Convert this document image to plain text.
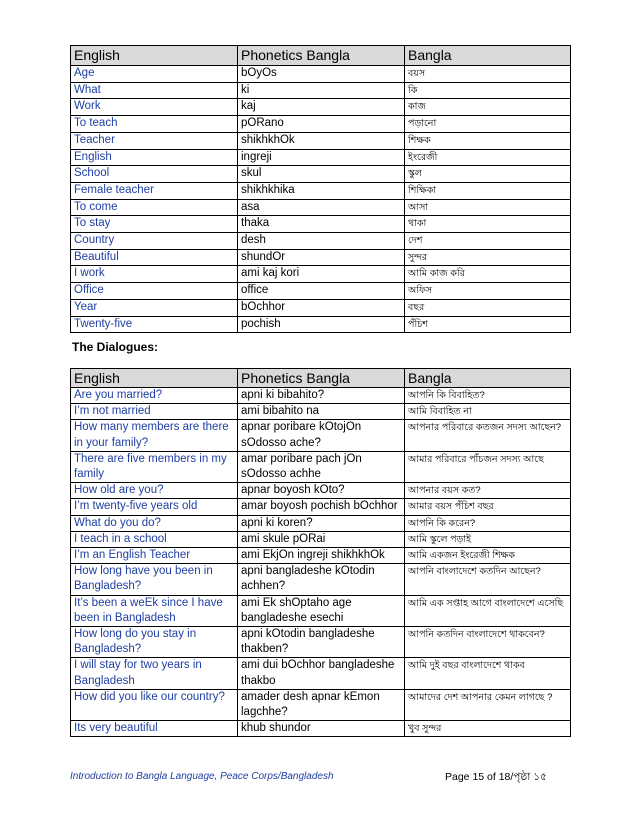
English	Phonetics Bangla	Bangla
Age	bOyOs	বয়স
What	ki	কি
Work	kaj	কাজ
To teach	pORano	পড়ানো
Teacher	shikhkhOk	শিক্ষক
English	ingreji	ইংরেজী
School	skul	স্কুল
Female teacher	shikhkhika	শিক্ষিকা
To come	asa	আসা
To stay	thaka	থাকা
Country	desh	দেশ
Beautiful	shundOr	সুন্দর
I work	ami kaj kori	আমি কাজ করি
Office	office	অফিস
Year	bOchhor	বছর
Twenty-five	pochish	পঁচিশ
The Dialogues:
English	Phonetics Bangla	Bangla
Are you married?	apni ki bibahito?	আপনি কি বিবাহিত?
I’m not married	ami bibahito na	আমি বিবাহিত না
How many members are there in your family?	apnar poribare kOtojOn sOdosso ache?	আপনার পরিবারে কতজন সদস্য আছেন?
There are five members in my family	amar poribare pach jOn sOdosso achhe	আমার পরিবারে পাঁচজন সদস্য আছে
How old are you?	apnar boyosh kOto?	আপনার বয়স কত?
I’m twenty-five years old	amar boyosh pochish bOchhor	আমার বয়স পঁচিশ বছর
What do you do?	apni ki koren?	আপনি কি করেন?
I teach in a school	ami skule pORai	আমি স্কুলে পড়াই
I’m an English Teacher	ami EkjOn ingreji shikhkhOk	আমি একজন ইংরেজী শিক্ষক
How long have you been in Bangladesh?	apni bangladeshe kOtodin achhen?	আপনি বাংলাদেশে কতদিন আছেন?
It’s been a weEk since I have been in Bangladesh	ami Ek shOptaho age bangladeshe esechi	আমি এক সপ্তাহ আগে বাংলাদেশে এসেছি
How long do you stay in Bangladesh?	apni kOtodin bangladeshe thakben?	আপনি কতদিন বাংলাদেশে থাকবেন?
I will stay for two years in Bangladesh	ami dui bOchhor bangladeshe thakbo	আমি দুই বছর বাংলাদেশে থাকব
How did you like our country?	amader desh apnar kEmon lagchhe?	আমাদের দেশ আপনার কেমন লাগছে ?
Its very beautiful	khub shundor	খুব সুন্দর
Introduction to Bangla Language, Peace Corps/Bangladesh	Page 15 of 18/পৃষ্ঠা ১৫
